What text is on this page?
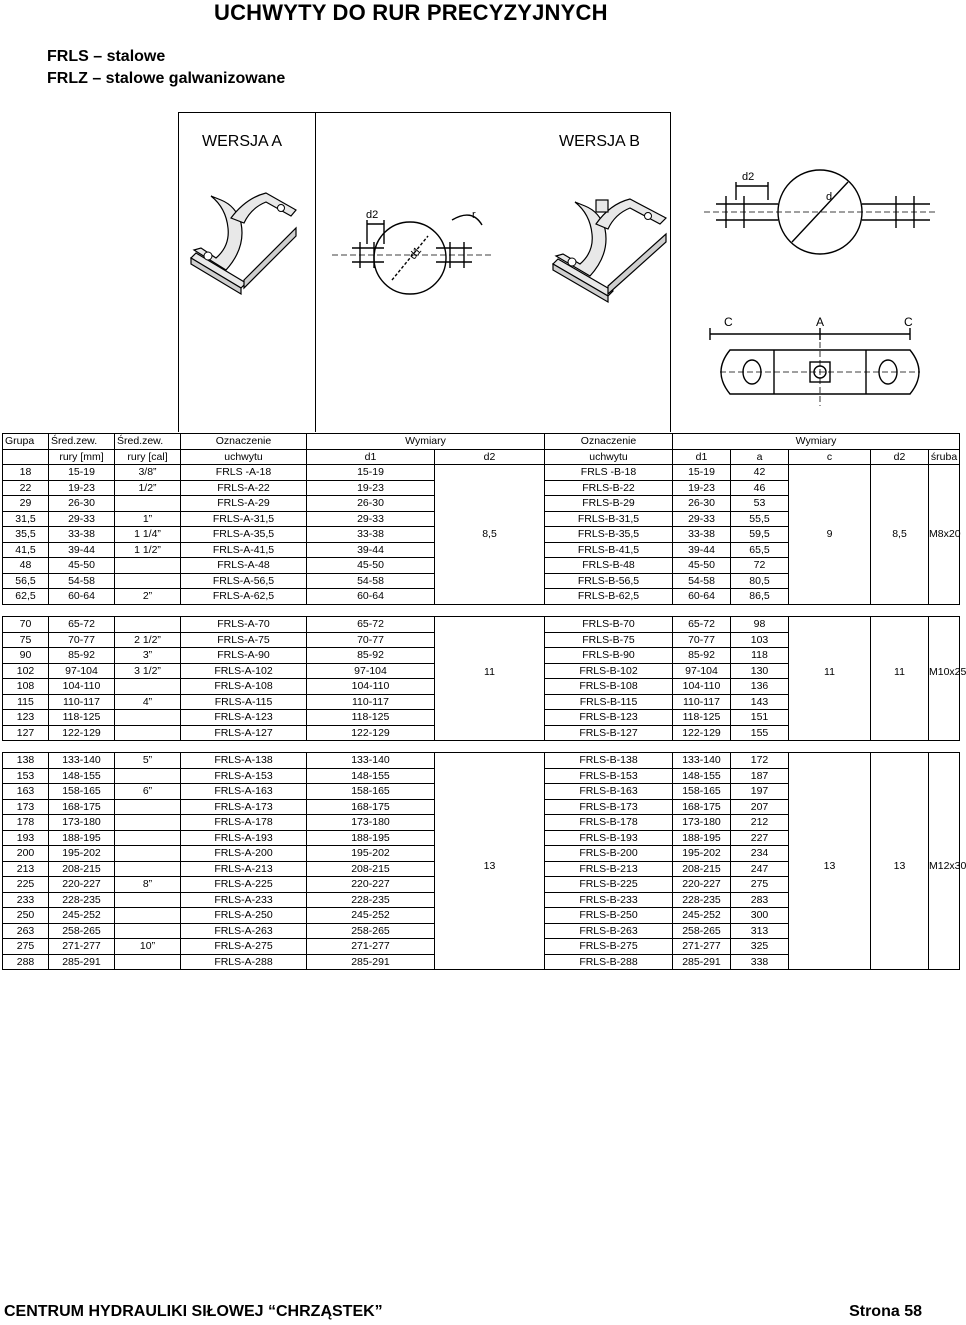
UCHWYTY DO RUR PRECYZYJNYCH
FRLS – stalowe
FRLZ – stalowe galwanizowane
WERSJA A	WERSJA B
d2	r
d1
d2
d
C	A	C
Grupa	Śred.zew.	Śred.zew.	Oznaczenie	Wymiary		Oznaczenie	Wymiary				
	rury [mm]	rury [cal]	uchwytu	d1	d2	uchwytu	d1	a	c	d2	śruba
18	15-19	3/8”	FRLS -A-18	15-19	8,5	FRLS -B-18	15-19	42	9	8,5	M8x20

22	19-23	1/2”	FRLS-A-22	19-23		FRLS-B-22	19-23	46			
29	26-30		FRLS-A-29	26-30		FRLS-B-29	26-30	53			
31,5	29-33	1”	FRLS-A-31,5	29-33		FRLS-B-31,5	29-33	55,5			
35,5	33-38	1 1/4”	FRLS-A-35,5	33-38		FRLS-B-35,5	33-38	59,5			
41,5	39-44	1 1/2”	FRLS-A-41,5	39-44		FRLS-B-41,5	39-44	65,5			
48	45-50		FRLS-A-48	45-50		FRLS-B-48	45-50	72			
56,5	54-58		FRLS-A-56,5	54-58		FRLS-B-56,5	54-58	80,5			
62,5	60-64	2”	FRLS-A-62,5	60-64		FRLS-B-62,5	60-64	86,5			
70	65-72		FRLS-A-70	65-72	11	FRLS-B-70	65-72	98	11	11	M10x25

75	70-77	2 1/2”	FRLS-A-75	70-77		FRLS-B-75	70-77	103			
90	85-92	3”	FRLS-A-90	85-92		FRLS-B-90	85-92	118			
102	97-104	3 1/2”	FRLS-A-102	97-104		FRLS-B-102	97-104	130			
108	104-110		FRLS-A-108	104-110		FRLS-B-108	104-110	136			
115	110-117	4”	FRLS-A-115	110-117		FRLS-B-115	110-117	143			
123	118-125		FRLS-A-123	118-125		FRLS-B-123	118-125	151			
127	122-129		FRLS-A-127	122-129		FRLS-B-127	122-129	155			
138	133-140	5”	FRLS-A-138	133-140	13	FRLS-B-138	133-140	172	13	13	M12x30

153	148-155		FRLS-A-153	148-155		FRLS-B-153	148-155	187			
163	158-165	6”	FRLS-A-163	158-165		FRLS-B-163	158-165	197			
173	168-175		FRLS-A-173	168-175		FRLS-B-173	168-175	207			
178	173-180		FRLS-A-178	173-180		FRLS-B-178	173-180	212			
193	188-195		FRLS-A-193	188-195		FRLS-B-193	188-195	227			
200	195-202		FRLS-A-200	195-202		FRLS-B-200	195-202	234			
213	208-215		FRLS-A-213	208-215		FRLS-B-213	208-215	247			
225	220-227	8”	FRLS-A-225	220-227		FRLS-B-225	220-227	275			
233	228-235		FRLS-A-233	228-235		FRLS-B-233	228-235	283			
250	245-252		FRLS-A-250	245-252		FRLS-B-250	245-252	300			
263	258-265		FRLS-A-263	258-265		FRLS-B-263	258-265	313			
275	271-277	10”	FRLS-A-275	271-277		FRLS-B-275	271-277	325			
288	285-291		FRLS-A-288	285-291		FRLS-B-288	285-291	338			
CENTRUM HYDRAULIKI SIŁOWEJ “CHRZĄSTEK”	Strona 58
